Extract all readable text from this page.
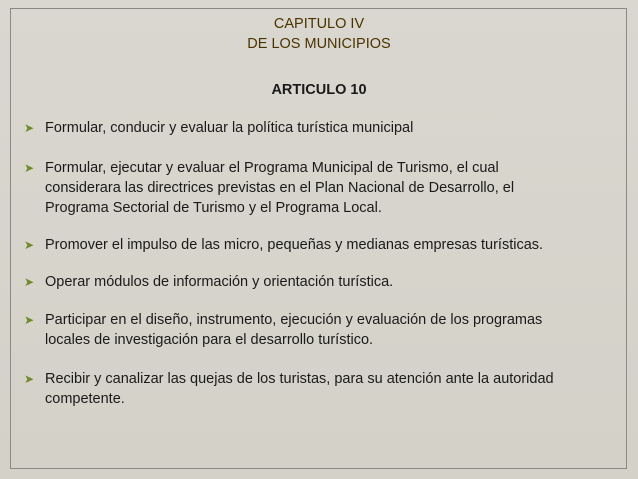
CAPITULO IV
DE LOS MUNICIPIOS
ARTICULO 10
➤ Formular, conducir y evaluar la política turística municipal
➤ Formular, ejecutar y evaluar el Programa Municipal de Turismo, el cual
considerara las directrices previstas en el Plan Nacional de Desarrollo, el
Programa Sectorial de Turismo y el Programa Local.
➤ Promover el impulso de las micro, pequeñas y medianas empresas turísticas.
➤ Operar módulos de información y orientación turística.
➤ Participar en el diseño, instrumento, ejecución y evaluación de los programas
locales de investigación para el desarrollo turístico.
➤ Recibir y canalizar las quejas de los turistas, para su atención ante la autoridad
competente.
